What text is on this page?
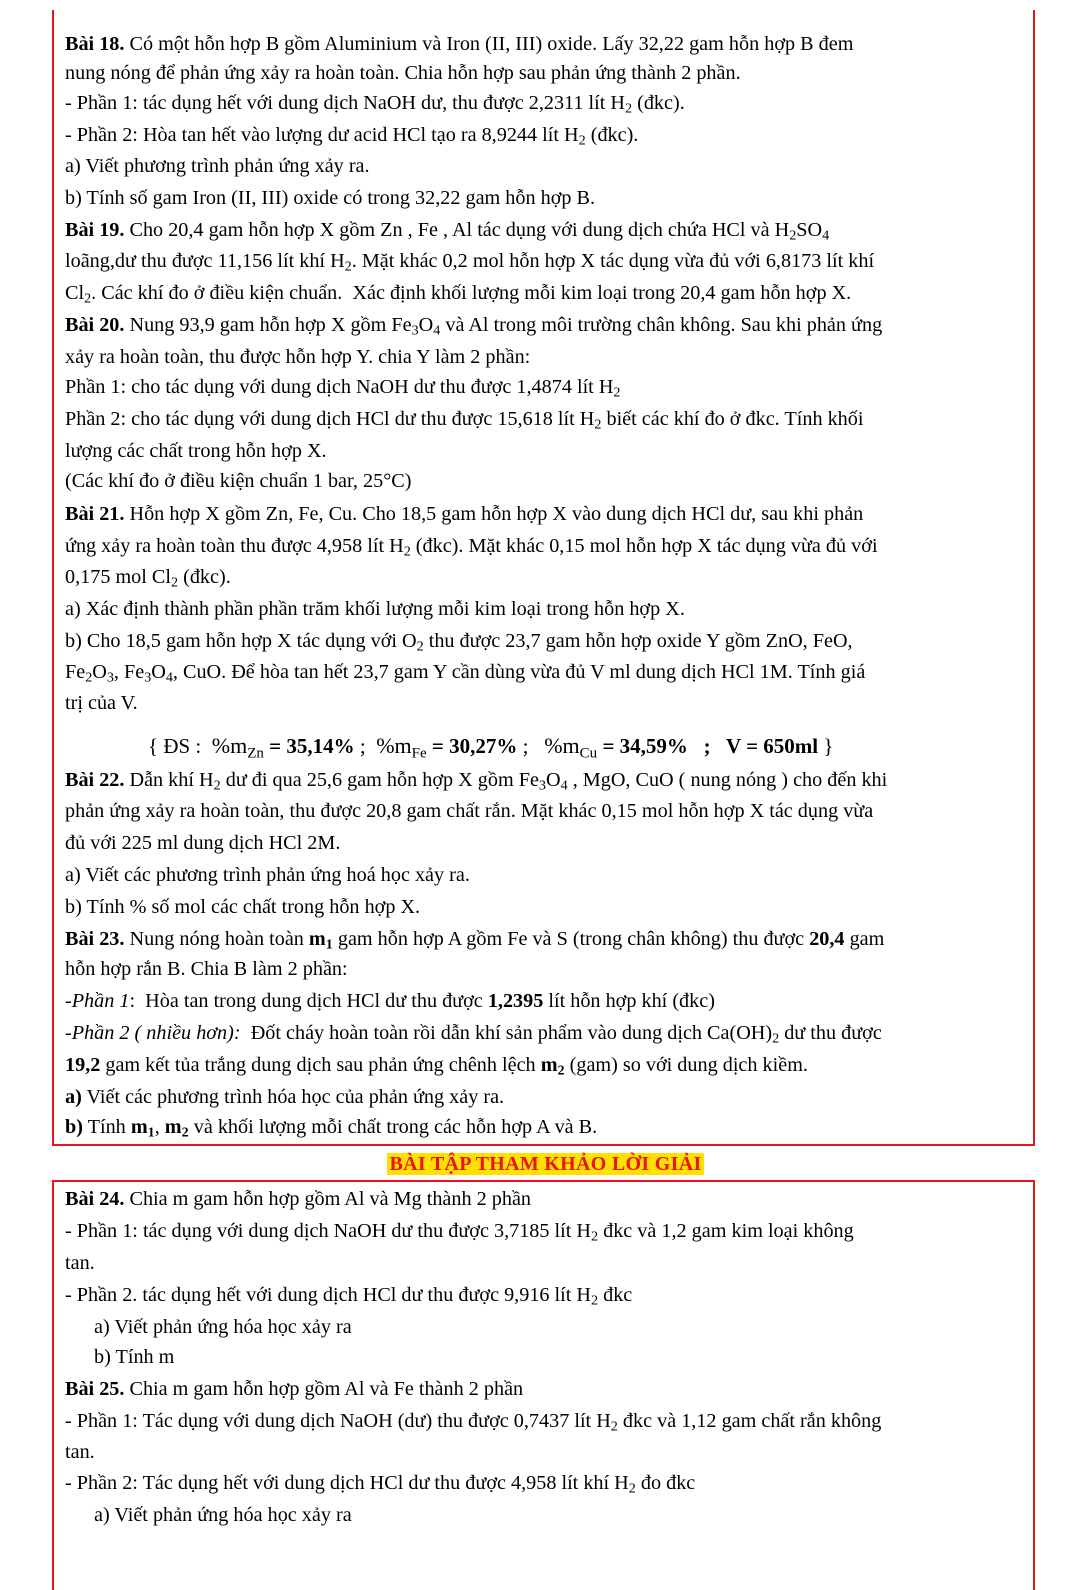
Bài 18. Có một hỗn hợp B gồm Aluminium và Iron (II, III) oxide. Lấy 32,22 gam hỗn hợp B đem
nung nóng để phản ứng xảy ra hoàn toàn. Chia hỗn hợp sau phản ứng thành 2 phần.
- Phần 1: tác dụng hết với dung dịch NaOH dư, thu được 2,2311 lít $H_2$ (đkc).
- Phần 2: Hòa tan hết vào lượng dư acid HCl tạo ra 8,9244 lít $H_2$ (đkc).
a) Viết phương trình phản ứng xảy ra.
b) Tính số gam Iron (II, III) oxide có trong 32,22 gam hỗn hợp B.
Bài 19. Cho 20,4 gam hỗn hợp X gồm Zn , Fe , Al tác dụng với dung dịch chứa HCl và $H_2SO_4$
loãng,dư thu được 11,156 lít khí $H_2$. Mặt khác 0,2 mol hỗn hợp X tác dụng vừa đủ với 6,8173 lít khí
$Cl_2$. Các khí đo ở điều kiện chuẩn.  Xác định khối lượng mỗi kim loại trong 20,4 gam hỗn hợp X.
Bài 20. Nung 93,9 gam hỗn hợp X gồm $Fe_3O_4$ và Al trong môi trường chân không. Sau khi phản ứng
xảy ra hoàn toàn, thu được hỗn hợp Y. chia Y làm 2 phần:
Phần 1: cho tác dụng với dung dịch NaOH dư thu được 1,4874 lít $H_2$
Phần 2: cho tác dụng với dung dịch HCl dư thu được 15,618 lít $H_2$ biết các khí đo ở đkc. Tính khối
lượng các chất trong hỗn hợp X.
(Các khí đo ở điều kiện chuẩn 1 bar, 25°C)
Bài 21. Hỗn hợp X gồm Zn, Fe, Cu. Cho 18,5 gam hỗn hợp X vào dung dịch HCl dư, sau khi phản
ứng xảy ra hoàn toàn thu được 4,958 lít $H_2$ (đkc). Mặt khác 0,15 mol hỗn hợp X tác dụng vừa đủ với
0,175 mol $Cl_2$ (đkc).
a) Xác định thành phần phần trăm khối lượng mỗi kim loại trong hỗn hợp X.
b) Cho 18,5 gam hỗn hợp X tác dụng với $O_2$ thu được 23,7 gam hỗn hợp oxide Y gồm ZnO, FeO,
$Fe_2O_3$, $Fe_3O_4$, CuO. Để hòa tan hết 23,7 gam Y cần dùng vừa đủ V ml dung dịch HCl 1M. Tính giá
trị của V.
{ ĐS :  $\%m_{Zn} = 35,14\%$ ;  $\%m_{Fe} = 30,27\%$ ;   $\%m_{Cu} = 34,59\%$   ;   V = 650ml }
Bài 22. Dẫn khí $H_2$ dư đi qua 25,6 gam hỗn hợp X gồm $Fe_3O_4$ , MgO, CuO ( nung nóng ) cho đến khi
phản ứng xảy ra hoàn toàn, thu được 20,8 gam chất rắn. Mặt khác 0,15 mol hỗn hợp X tác dụng vừa
đủ với 225 ml dung dịch HCl 2M.
a) Viết các phương trình phản ứng hoá học xảy ra.
b) Tính % số mol các chất trong hỗn hợp X.
Bài 23. Nung nóng hoàn toàn $m_1$ gam hỗn hợp A gồm Fe và S (trong chân không) thu được 20,4 gam
hỗn hợp rắn B. Chia B làm 2 phần:
-Phần 1:  Hòa tan trong dung dịch HCl dư thu được 1,2395 lít hỗn hợp khí (đkc)
-Phần 2 ( nhiều hơn):  Đốt cháy hoàn toàn rồi dẫn khí sản phẩm vào dung dịch $Ca(OH)_2$ dư thu được
19,2 gam kết tủa trắng dung dịch sau phản ứng chênh lệch $m_2$ (gam) so với dung dịch kiềm.
a) Viết các phương trình hóa học của phản ứng xảy ra.
b) Tính $m_1$, $m_2$ và khối lượng mỗi chất trong các hỗn hợp A và B.
BÀI TẬP THAM KHẢO LỜI GIẢI
Bài 24. Chia m gam hỗn hợp gồm Al và Mg thành 2 phần
- Phần 1: tác dụng với dung dịch NaOH dư thu được 3,7185 lít $H_2$ đkc và 1,2 gam kim loại không
tan.
- Phần 2. tác dụng hết với dung dịch HCl dư thu được 9,916 lít $H_2$ đkc
a) Viết phản ứng hóa học xảy ra
b) Tính m
Bài 25. Chia m gam hỗn hợp gồm Al và Fe thành 2 phần
- Phần 1: Tác dụng với dung dịch NaOH (dư) thu được 0,7437 lít $H_2$ đkc và 1,12 gam chất rắn không
tan.
- Phần 2: Tác dụng hết với dung dịch HCl dư thu được 4,958 lít khí $H_2$ đo đkc
a) Viết phản ứng hóa học xảy ra
